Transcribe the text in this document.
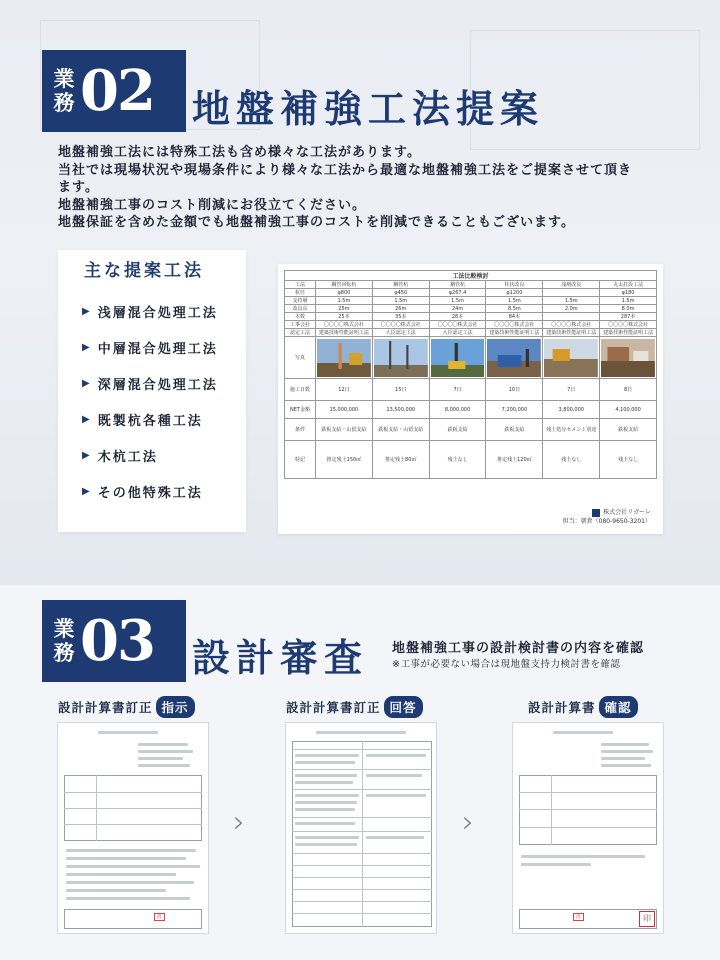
業務 02 地盤補強工法提案

地盤補強工法には特殊工法も含め様々な工法があります。

当社では現場状況や現場条件により様々な工法から最適な地盤補強工法をご提案させて頂き

ます。

地盤補強工事のコスト削減にお役立てください。

地盤保証を含めた金額でも地盤補強工事のコストを削減できることもございます。

主な提案工法
▶ 浅層混合処理工法
▶ 中層混合処理工法
▶ 深層混合処理工法
▶ 既製杭各種工法
▶ 木杭工法
▶ その他特殊工法
工法比較検討						
工法	鋼管回転杭	鋼管杭	鋼管杭	柱状改良	浅層改良	丸太打設工法
杭径	φ800	φ450	φ267.4	φ1200		φ180
支持層	1.5m	1.5m	1.5m	1.5m	1.5m	1.5m
改良長	25m	26m	24m	8.5m	2.0m	8.0m
本数	25本	35本	28本	84本		287本
工事会社	〇〇〇〇株式会社	〇〇〇〇株式会社	〇〇〇〇株式会社	〇〇〇〇株式会社	〇〇〇〇株式会社	〇〇〇〇株式会社
認定工法	建築技術性能証明工法	大臣認定工法	大臣認定工法	建築技術性能証明工法	建築技術性能証明工法	建築技術性能証明工法
写真	

施工日数	12日	15日	7日	10日	7日	8日
NET金額	15,000,000	13,500,000	8,000,000	7,200,000	3,800,000	4,100,000
条件	鉄板支給・山留支給	鉄板支給・山留支給	鉄板支給	鉄板支給	残土処分セメント別途	鉄板支給
特記	推定残土150㎥	推定残土80㎥	残土なし	推定残土120㎥	残土なし	残土なし
株式会社リガーレ
担当：朝倉（080-9650-3201）
業務 03 設計審査 地盤補強工事の設計検討書の内容を確認
※工事が必要ない場合は現地盤支持力検討書を確認
設計計算書訂正 指示	設計計算書訂正 回答	設計計算書 確認
済
›	›
済	印
